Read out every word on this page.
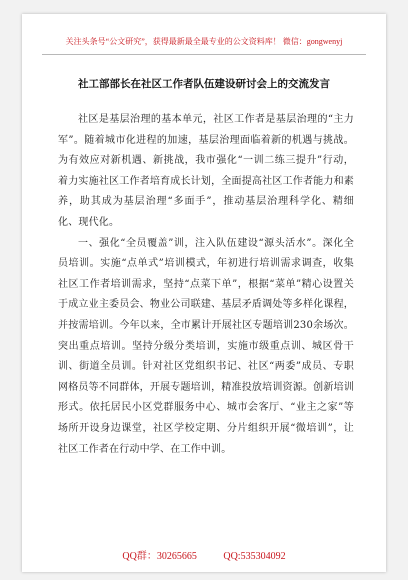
关注头条号“公文研究”，获得最新最全最专业的公文资料库！ 微信：gongwenyj
社工部部长在社区工作者队伍建设研讨会上的交流发言

社区是基层治理的基本单元，社区工作者是基层治理的“主力军”。随着城市化进程的加速，基层治理面临着新的机遇与挑战。为有效应对新机遇、新挑战，我市强化“一训二练三提升”行动，着力实施社区工作者培育成长计划，全面提高社区工作者能力和素养，助其成为基层治理“多面手”，推动基层治理科学化、精细化、现代化。

一、强化“全员覆盖”训，注入队伍建设“源头活水”。深化全员培训。实施“点单式”培训模式，年初进行培训需求调查，收集社区工作者培训需求，坚持“点菜下单”，根据“菜单”精心设置关于成立业主委员会、物业公司联建、基层矛盾调处等多样化课程，并按需培训。今年以来，全市累计开展社区专题培训230余场次。突出重点培训。坚持分级分类培训，实施市级重点训、城区骨干训、街道全员训。针对社区党组织书记、社区“两委”成员、专职网格员等不同群体，开展专题培训，精准投放培训资源。创新培训形式。依托居民小区党群服务中心、城市会客厅、“业主之家”等场所开设身边课堂，社区学校定期、分片组织开展“微培训”，让社区工作者在行动中学、在工作中训。

QQ群：30265665	QQ:535304092
